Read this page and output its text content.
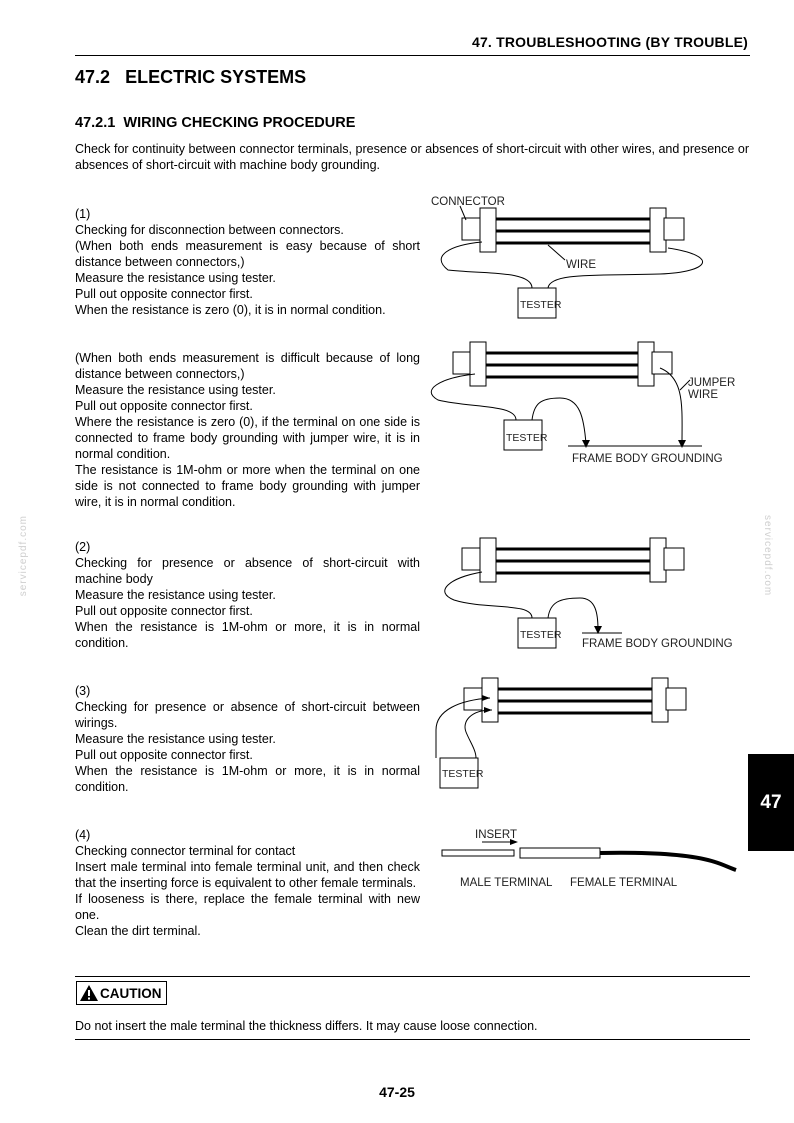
47. TROUBLESHOOTING (BY TROUBLE)
47.2 ELECTRIC SYSTEMS
47.2.1 WIRING CHECKING PROCEDURE
Check for continuity between connector terminals, presence or absences of short-circuit with other wires, and presence or absences of short-circuit with machine body grounding.
(1)
Checking for disconnection between connectors.
(When both ends measurement is easy because of short distance between connectors,)
Measure the resistance using tester.
Pull out opposite connector first.
When the resistance is zero (0), it is in normal condition.
(When both ends measurement is difficult because of long distance between connectors,)
Measure the resistance using tester.
Pull out opposite connector first.
Where the resistance is zero (0), if the terminal on one side is connected to frame body grounding with jumper wire, it is in normal condition.
The resistance is 1M-ohm or more when the terminal on one side is not connected to frame body grounding with jumper wire, it is in normal condition.
(2)
Checking for presence or absence of short-circuit with machine body
Measure the resistance using tester.
Pull out opposite connector first.
When the resistance is 1M-ohm or more, it is in normal condition.
(3)
Checking for presence or absence of short-circuit between wirings.
Measure the resistance using tester.
Pull out opposite connector first.
When the resistance is 1M-ohm or more, it is in normal condition.
(4)
Checking connector terminal for contact
Insert male terminal into female terminal unit, and then check that the inserting force is equivalent to other female terminals.
If looseness is there, replace the female terminal with new one.
Clean the dirt terminal.
CONNECTOR
WIRE
TESTER
JUMPER
WIRE
TESTER
FRAME BODY GROUNDING
TESTER
FRAME BODY GROUNDING
TESTER
INSERT
MALE TERMINAL FEMALE TERMINAL
CAUTION
Do not insert the male terminal the thickness differs. It may cause loose connection.
servicepdf.com	servicepdf.com
47
47-25
